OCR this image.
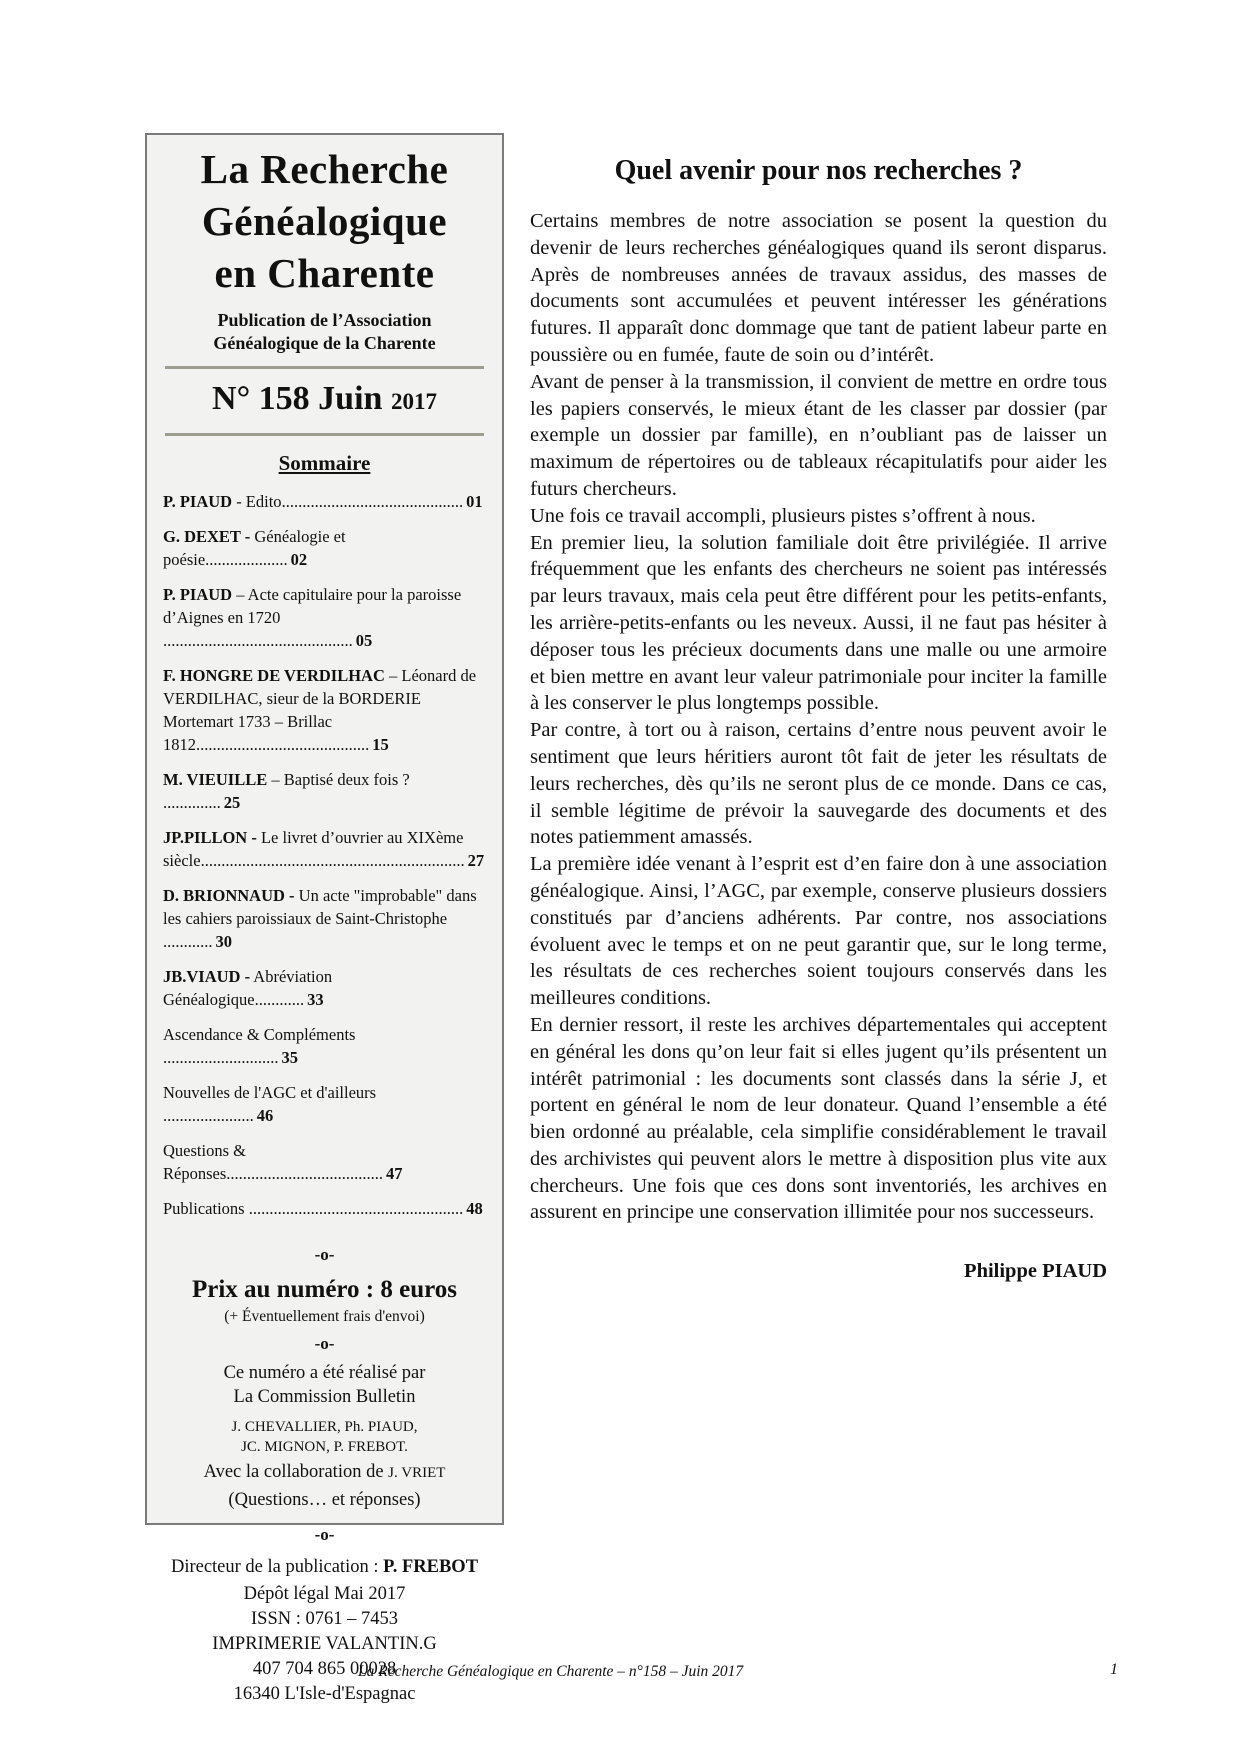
La Recherche
Généalogique
en Charente
Publication de l’Association Généalogique de la Charente
N° 158 Juin 2017
Sommaire
P. PIAUD - Edito............................................ 01
G. DEXET - Généalogie et poésie.................... 02
P. PIAUD – Acte capitulaire pour la paroisse d’Aignes en 1720 .............................................. 05
F. HONGRE DE VERDILHAC – Léonard de VERDILHAC, sieur de la BORDERIE Mortemart 1733 – Brillac 1812.......................................... 15
M. VIEUILLE – Baptisé deux fois ? .............. 25
JP.PILLON - Le livret d’ouvrier au XIXème siècle................................................................ 27
D. BRIONNAUD - Un acte "improbable" dans les cahiers paroissiaux de Saint-Christophe ............ 30
JB.VIAUD - Abréviation Généalogique............ 33
Ascendance & Compléments ............................ 35
Nouvelles de l'AGC et d'ailleurs ...................... 46
Questions & Réponses...................................... 47
Publications .................................................... 48
-o-
Prix au numéro : 8 euros
(+ Éventuellement frais d'envoi)
-o-
Ce numéro a été réalisé par
La Commission Bulletin
J. CHEVALLIER, Ph. PIAUD,
JC. MIGNON, P. FREBOT.
Avec la collaboration de J. VRIET
(Questions… et réponses)
-o-
Directeur de la publication : P. FREBOT
Dépôt légal Mai 2017
ISSN : 0761 – 7453
IMPRIMERIE VALANTIN.G
407 704 865 00028
16340 L'Isle-d'Espagnac
Quel avenir pour nos recherches ?

Certains membres de notre association se posent la question du devenir de leurs recherches généalogiques quand ils seront disparus. Après de nombreuses années de travaux assidus, des masses de documents sont accumulées et peuvent intéresser les générations futures. Il apparaît donc dommage que tant de patient labeur parte en poussière ou en fumée, faute de soin ou d’intérêt.

Avant de penser à la transmission, il convient de mettre en ordre tous les papiers conservés, le mieux étant de les classer par dossier (par exemple un dossier par famille), en n’oubliant pas de laisser un maximum de répertoires ou de tableaux récapitulatifs pour aider les futurs chercheurs.

Une fois ce travail accompli, plusieurs pistes s’offrent à nous.

En premier lieu, la solution familiale doit être privilégiée. Il arrive fréquemment que les enfants des chercheurs ne soient pas intéressés par leurs travaux, mais cela peut être différent pour les petits-enfants, les arrière-petits-enfants ou les neveux. Aussi, il ne faut pas hésiter à déposer tous les précieux documents dans une malle ou une armoire et bien mettre en avant leur valeur patrimoniale pour inciter la famille à les conserver le plus longtemps possible.

Par contre, à tort ou à raison, certains d’entre nous peuvent avoir le sentiment que leurs héritiers auront tôt fait de jeter les résultats de leurs recherches, dès qu’ils ne seront plus de ce monde. Dans ce cas, il semble légitime de prévoir la sauvegarde des documents et des notes patiemment amassés.

La première idée venant à l’esprit est d’en faire don à une association généalogique. Ainsi, l’AGC, par exemple, conserve plusieurs dossiers constitués par d’anciens adhérents. Par contre, nos associations évoluent avec le temps et on ne peut garantir que, sur le long terme, les résultats de ces recherches soient toujours conservés dans les meilleures conditions.

En dernier ressort, il reste les archives départementales qui acceptent en général les dons qu’on leur fait si elles jugent qu’ils présentent un intérêt patrimonial : les documents sont classés dans la série J, et portent en général le nom de leur donateur. Quand l’ensemble a été bien ordonné au préalable, cela simplifie considérablement le travail des archivistes qui peuvent alors le mettre à disposition plus vite aux chercheurs. Une fois que ces dons sont inventoriés, les archives en assurent en principe une conservation illimitée pour nos successeurs.

Philippe PIAUD
La Recherche Généalogique en Charente – n°158 – Juin 2017	1
